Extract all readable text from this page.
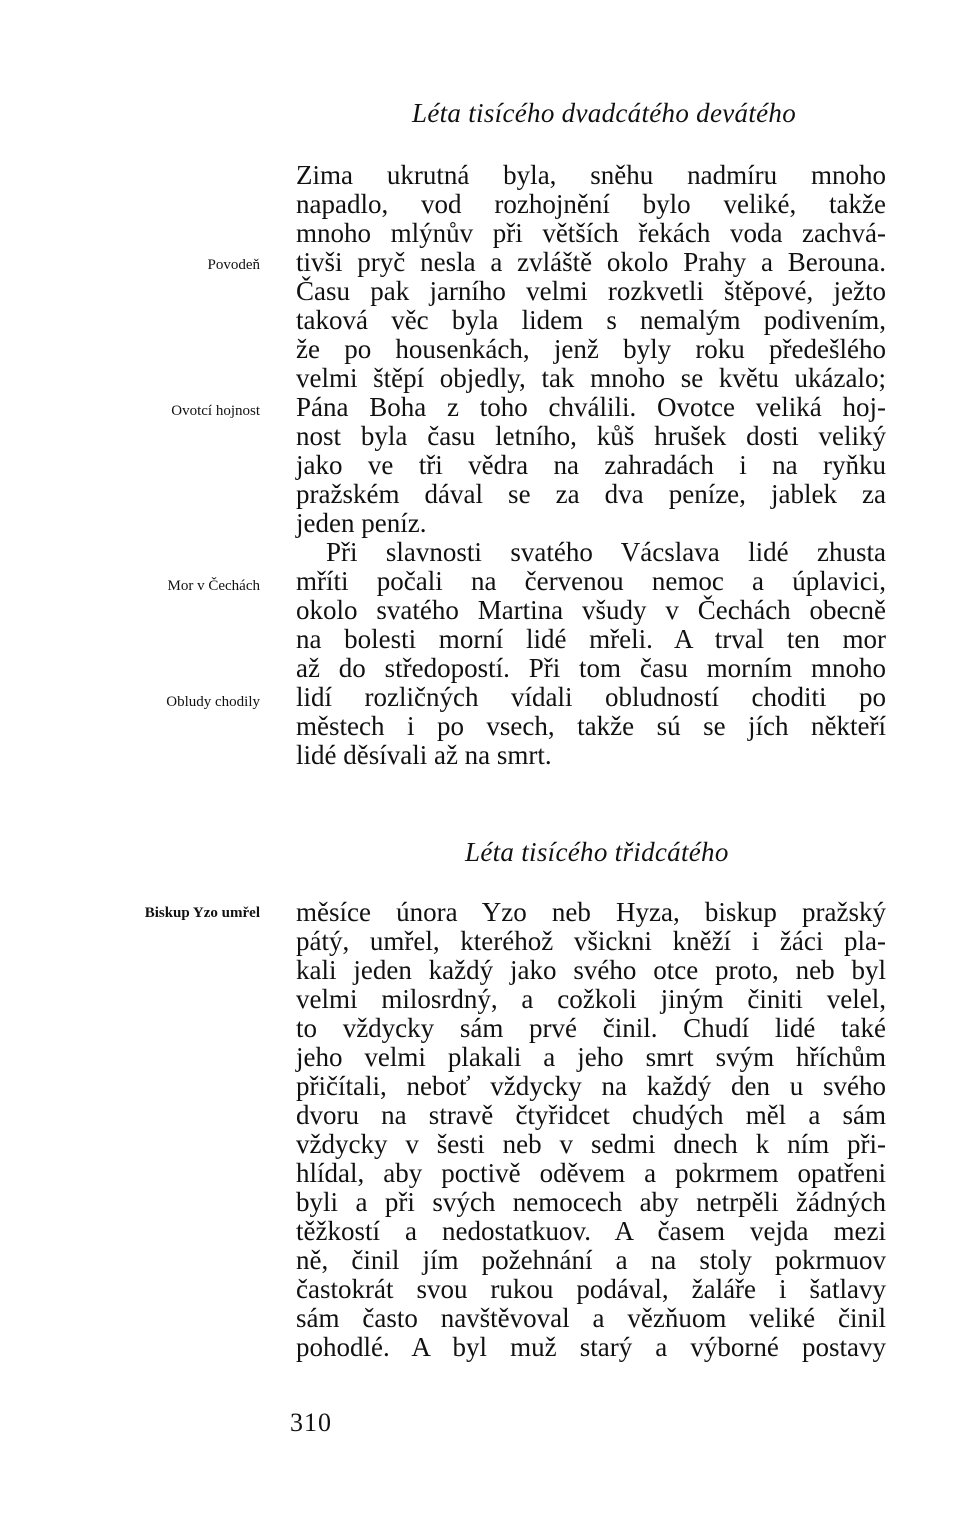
Léta tisícého dvadcátého devátého
Zima ukrutná byla, sněhu nadmíru mnoho
napadlo, vod rozhojnění bylo veliké, takže
mnoho mlýnův při větších řekách voda zachvá-
tivši pryč nesla a zvláště okolo Prahy a Berouna.
Času pak jarního velmi rozkvetli štěpové, ježto
taková věc byla lidem s nemalým podivením,
že po housenkách, jenž byly roku předešlého
velmi štěpí objedly, tak mnoho se květu ukázalo;
Pána Boha z toho chválili. Ovotce veliká hoj-
nost byla času letního, kůš hrušek dosti veliký
jako ve tři vědra na zahradách i na ryňku
pražském dával se za dva peníze, jablek za
jeden peníz.
Při slavnosti svatého Vácslava lidé zhusta
mříti počali na červenou nemoc a úplavici,
okolo svatého Martina všudy v Čechách obecně
na bolesti morní lidé mřeli. A trval ten mor
až do středopostí. Při tom času morním mnoho
lidí rozličných vídali obludností choditi po
městech i po vsech, takže sú se jích někteří
lidé děsívali až na smrt.
Povodeň
Ovotcí hojnost
Mor v Čechách
Obludy chodily
Léta tisícého třidcátého
měsíce února Yzo neb Hyza, biskup pražský
pátý, umřel, kteréhož všickni kněží i žáci pla-
kali jeden každý jako svého otce proto, neb byl
velmi milosrdný, a cožkoli jiným činiti velel,
to vždycky sám prvé činil. Chudí lidé také
jeho velmi plakali a jeho smrt svým hříchům
přičítali, neboť vždycky na každý den u svého
dvoru na stravě čtyřidcet chudých měl a sám
vždycky v šesti neb v sedmi dnech k ním při-
hlídal, aby poctivě oděvem a pokrmem opatřeni
byli a při svých nemocech aby netrpěli žádných
těžkostí a nedostatkuov. A časem vejda mezi
ně, činil jím požehnání a na stoly pokrmuov
častokrát svou rukou podával, žaláře i šatlavy
sám často navštěvoval a vězňuom veliké činil
pohodlé. A byl muž starý a výborné postavy
Biskup Yzo umřel
310
